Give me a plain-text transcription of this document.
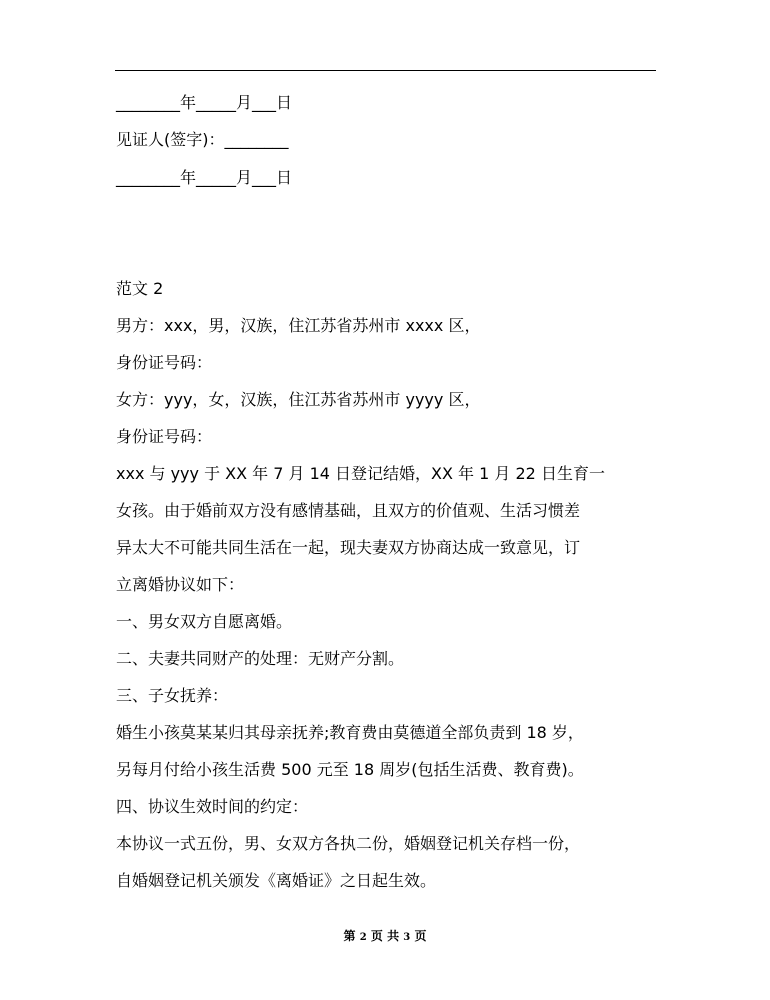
________年_____月___日
见证人(签字)：________
________年_____月___日
范文 2
男方：xxx，男，汉族，住江苏省苏州市 xxxx 区，
身份证号码：
女方：yyy，女，汉族，住江苏省苏州市 yyyy 区，
身份证号码：
xxx 与 yyy 于 XX 年 7 月 14 日登记结婚，XX 年 1 月 22 日生育一
女孩。由于婚前双方没有感情基础，且双方的价值观、生活习惯差
异太大不可能共同生活在一起，现夫妻双方协商达成一致意见，订
立离婚协议如下：
一、男女双方自愿离婚。
二、夫妻共同财产的处理：无财产分割。
三、子女抚养：
婚生小孩莫某某归其母亲抚养;教育费由莫德道全部负责到 18 岁，
另每月付给小孩生活费 500 元至 18 周岁(包括生活费、教育费)。
四、协议生效时间的约定：
本协议一式五份，男、女双方各执二份，婚姻登记机关存档一份，
自婚姻登记机关颁发《离婚证》之日起生效。
第 2 页 共 3 页
